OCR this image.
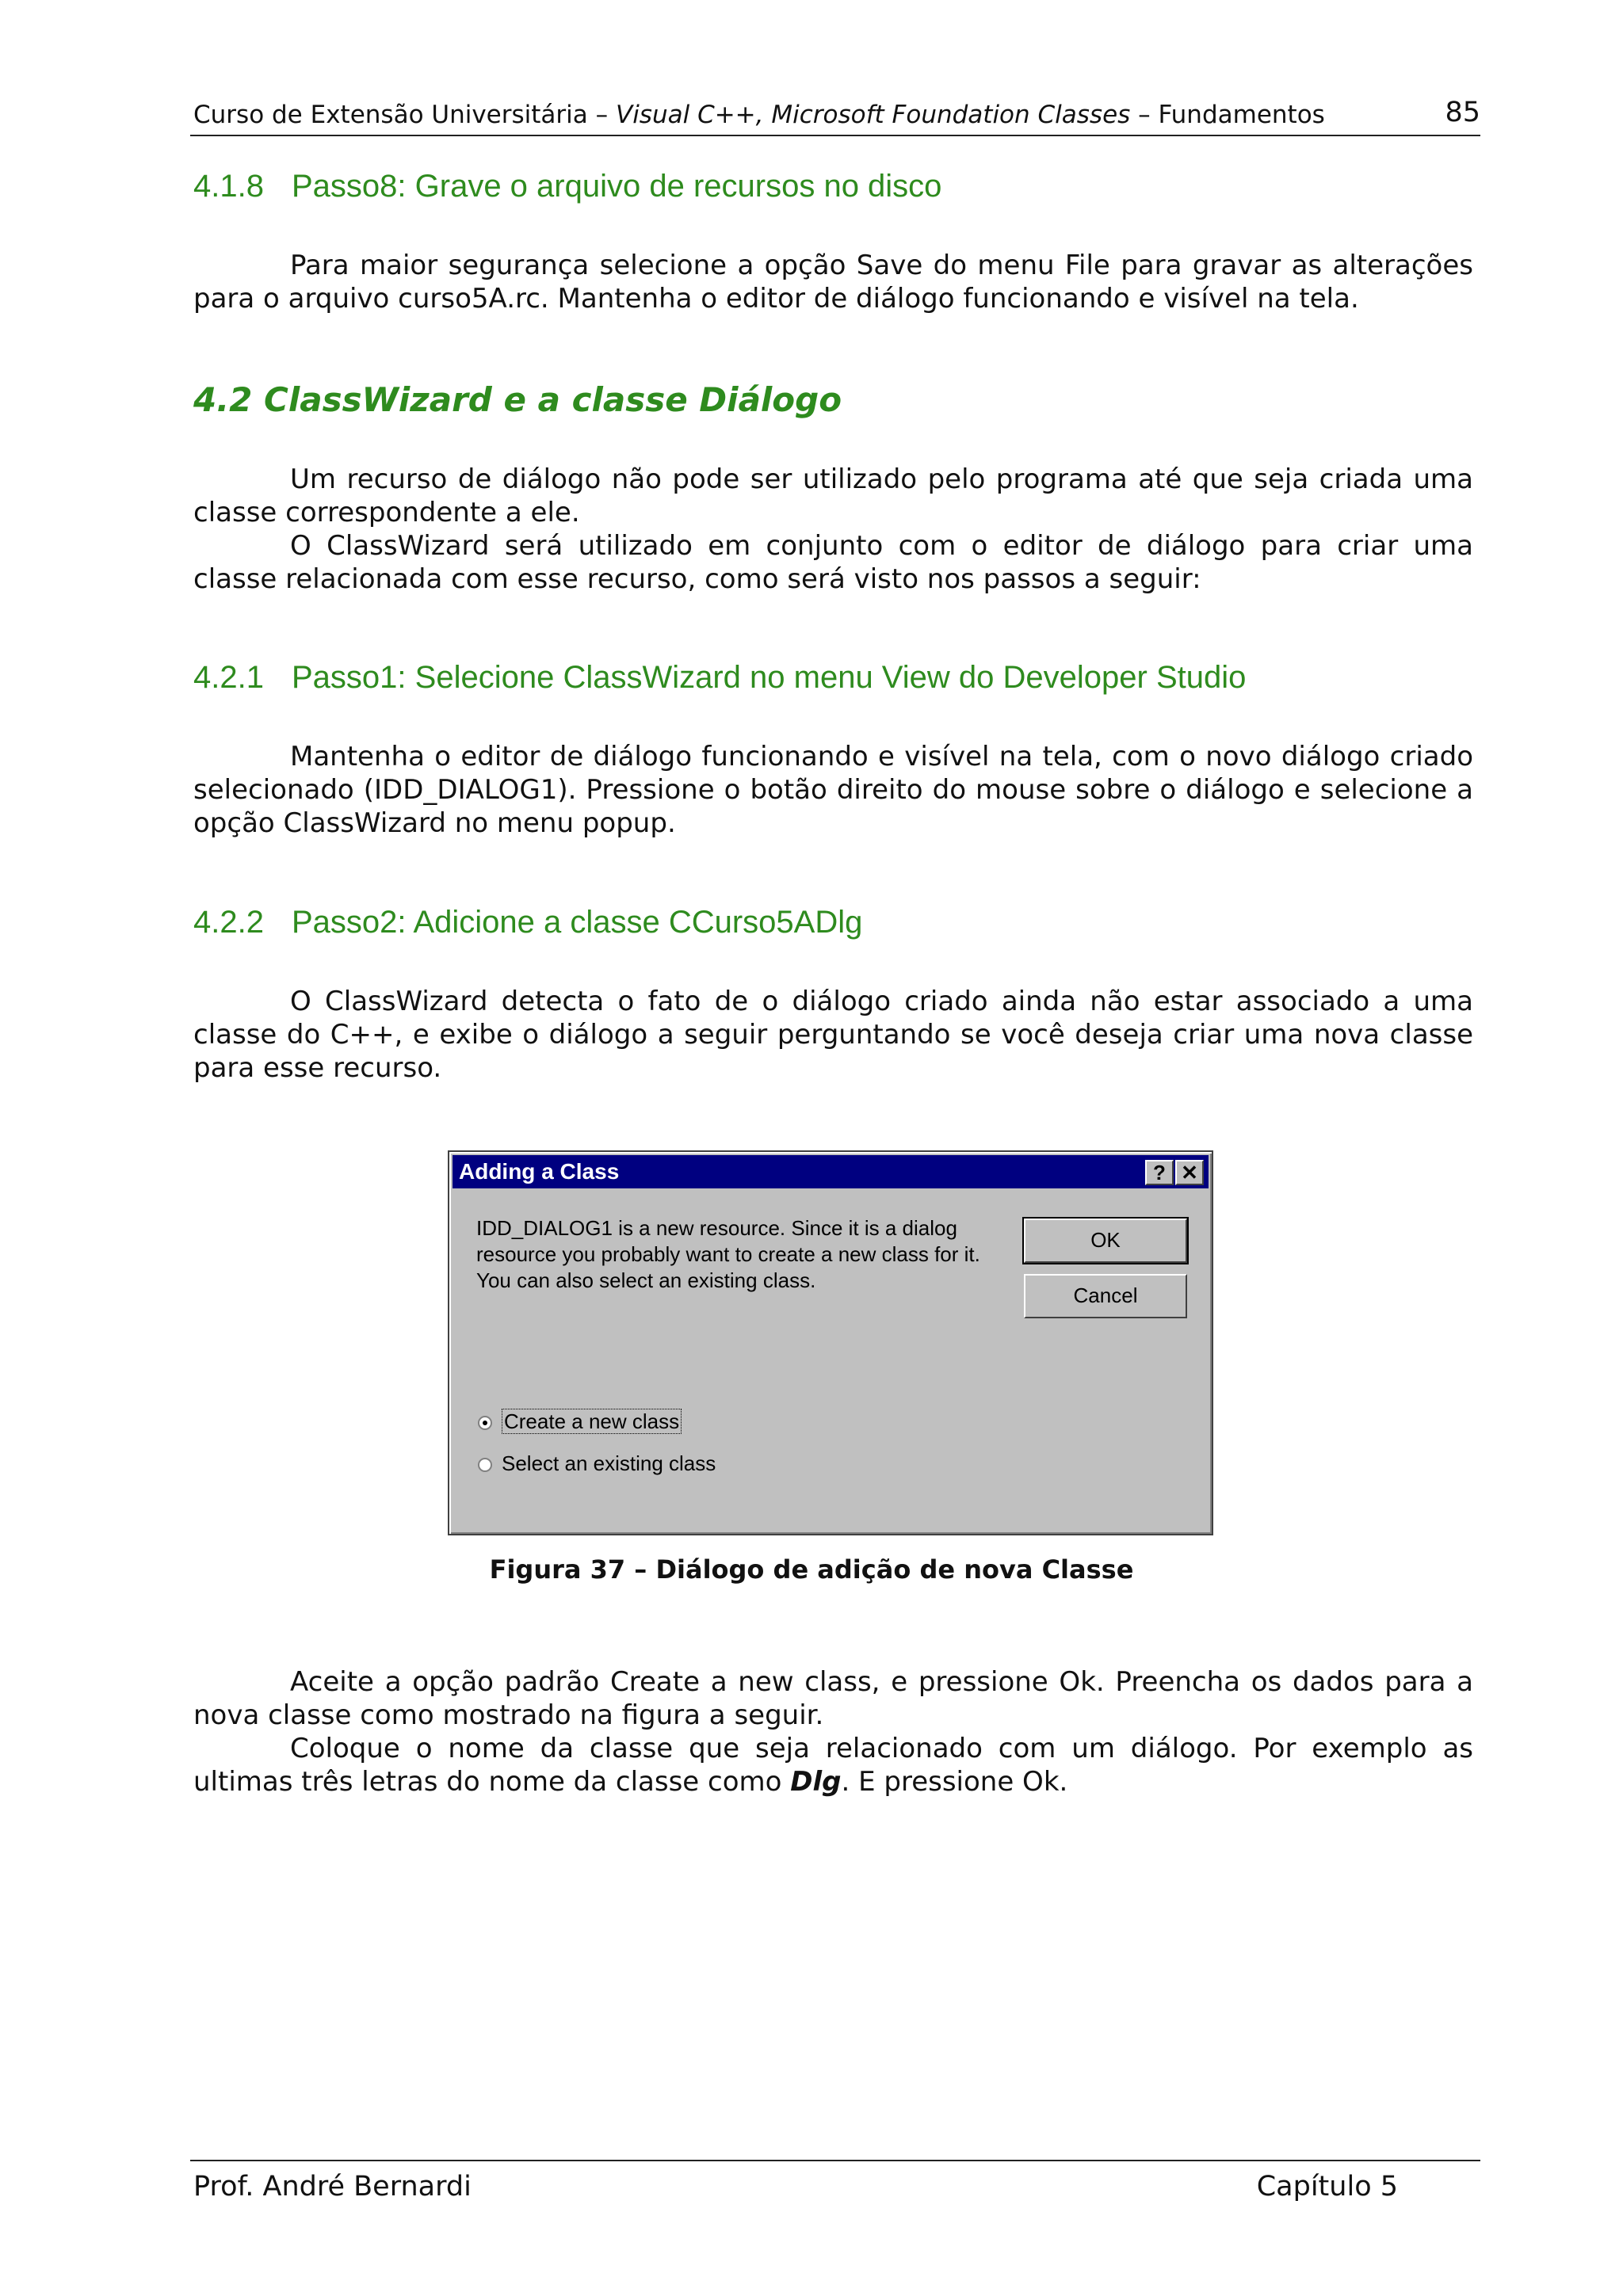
Curso de Extensão Universitária – Visual C++, Microsoft Foundation Classes – Fundamentos	85
4.1.8 Passo8: Grave o arquivo de recursos no disco

Para maior segurança selecione a opção Save do menu File para gravar as alterações para o arquivo curso5A.rc. Mantenha o editor de diálogo funcionando e visível na tela.

4.2 ClassWizard e a classe Diálogo

Um recurso de diálogo não pode ser utilizado pelo programa até que seja criada uma classe correspondente a ele.

O ClassWizard será utilizado em conjunto com o editor de diálogo para criar uma classe relacionada com esse recurso, como será visto nos passos a seguir:

4.2.1 Passo1: Selecione ClassWizard no menu View do Developer Studio

Mantenha o editor de diálogo funcionando e visível na tela, com o novo diálogo criado selecionado (IDD_DIALOG1). Pressione o botão direito do mouse sobre o diálogo e selecione a opção ClassWizard no menu popup.

4.2.2 Passo2: Adicione a classe CCurso5ADlg

O ClassWizard detecta o fato de o diálogo criado ainda não estar associado a uma classe do C++, e exibe o diálogo a seguir perguntando se você deseja criar uma nova classe para esse recurso.

Adding a Class	? ✕
IDD_DIALOG1 is a new resource. Since it is a dialog resource you probably want to create a new class for it. You can also select an existing class.
OK
Cancel
Create a new class
Select an existing class
Figura 37 – Diálogo de adição de nova Classe

Aceite a opção padrão Create a new class, e pressione Ok. Preencha os dados para a nova classe como mostrado na figura a seguir.

Coloque o nome da classe que seja relacionado com um diálogo. Por exemplo as ultimas três letras do nome da classe como Dlg. E pressione Ok.

Prof. André Bernardi	Capítulo 5
